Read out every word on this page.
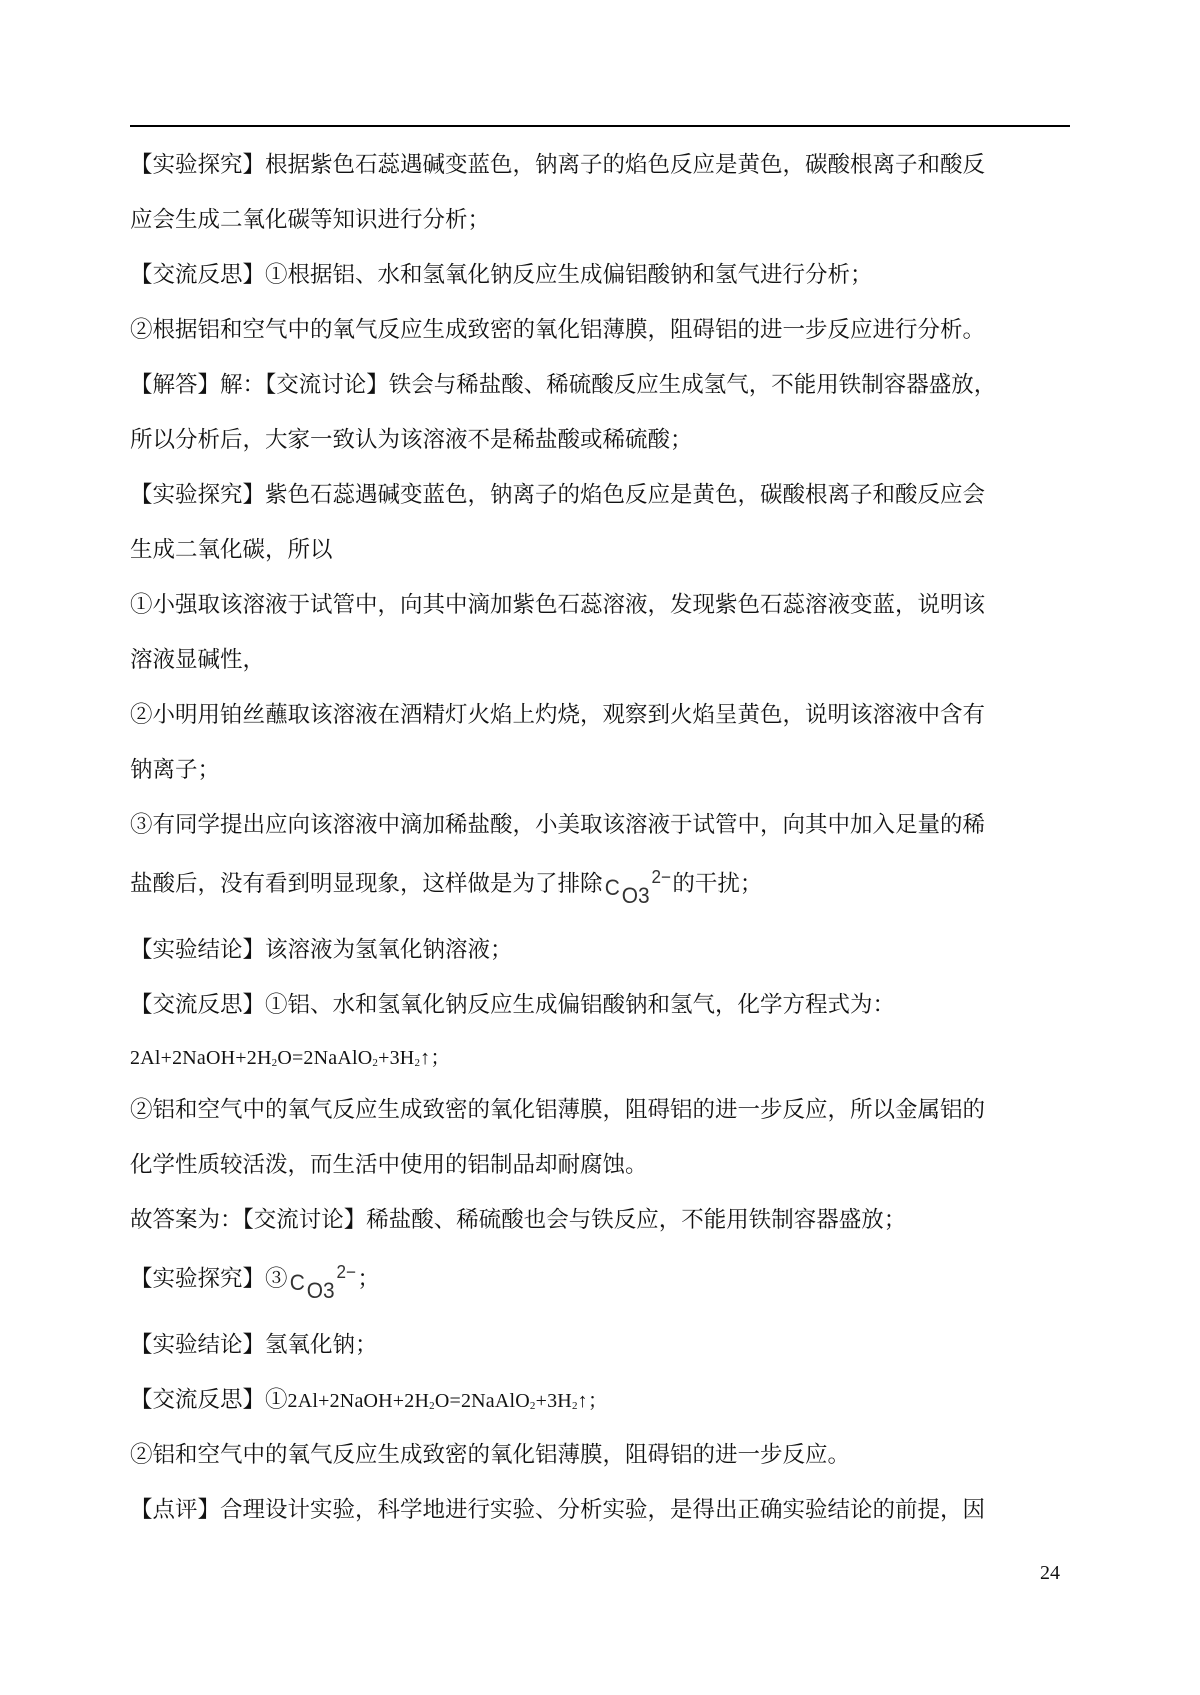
【实验探究】根据紫色石蕊遇碱变蓝色，钠离子的焰色反应是黄色，碳酸根离子和酸反
应会生成二氧化碳等知识进行分析；
【交流反思】①根据铝、水和氢氧化钠反应生成偏铝酸钠和氢气进行分析；
②根据铝和空气中的氧气反应生成致密的氧化铝薄膜，阻碍铝的进一步反应进行分析。
【解答】解：【交流讨论】铁会与稀盐酸、稀硫酸反应生成氢气，不能用铁制容器盛放，
所以分析后，大家一致认为该溶液不是稀盐酸或稀硫酸；
【实验探究】紫色石蕊遇碱变蓝色，钠离子的焰色反应是黄色，碳酸根离子和酸反应会
生成二氧化碳，所以
①小强取该溶液于试管中，向其中滴加紫色石蕊溶液，发现紫色石蕊溶液变蓝，说明该
溶液显碱性，
②小明用铂丝蘸取该溶液在酒精灯火焰上灼烧，观察到火焰呈黄色，说明该溶液中含有
钠离子；
③有同学提出应向该溶液中滴加稀盐酸，小美取该溶液于试管中，向其中加入足量的稀
盐酸后，没有看到明显现象，这样做是为了排除$CO3^{2-}$的干扰；
【实验结论】该溶液为氢氧化钠溶液；
【交流反思】①铝、水和氢氧化钠反应生成偏铝酸钠和氢气，化学方程式为：
$2Al+2NaOH+2H_2O=2NaAlO_2+3H_2↑$；
②铝和空气中的氧气反应生成致密的氧化铝薄膜，阻碍铝的进一步反应，所以金属铝的
化学性质较活泼，而生活中使用的铝制品却耐腐蚀。
故答案为：【交流讨论】稀盐酸、稀硫酸也会与铁反应，不能用铁制容器盛放；
【实验探究】$③CO3^{2-}$；
【实验结论】氢氧化钠；
【交流反思】$①2Al+2NaOH+2H_2O=2NaAlO_2+3H_2↑$；
②铝和空气中的氧气反应生成致密的氧化铝薄膜，阻碍铝的进一步反应。
【点评】合理设计实验，科学地进行实验、分析实验，是得出正确实验结论的前提，因
24
